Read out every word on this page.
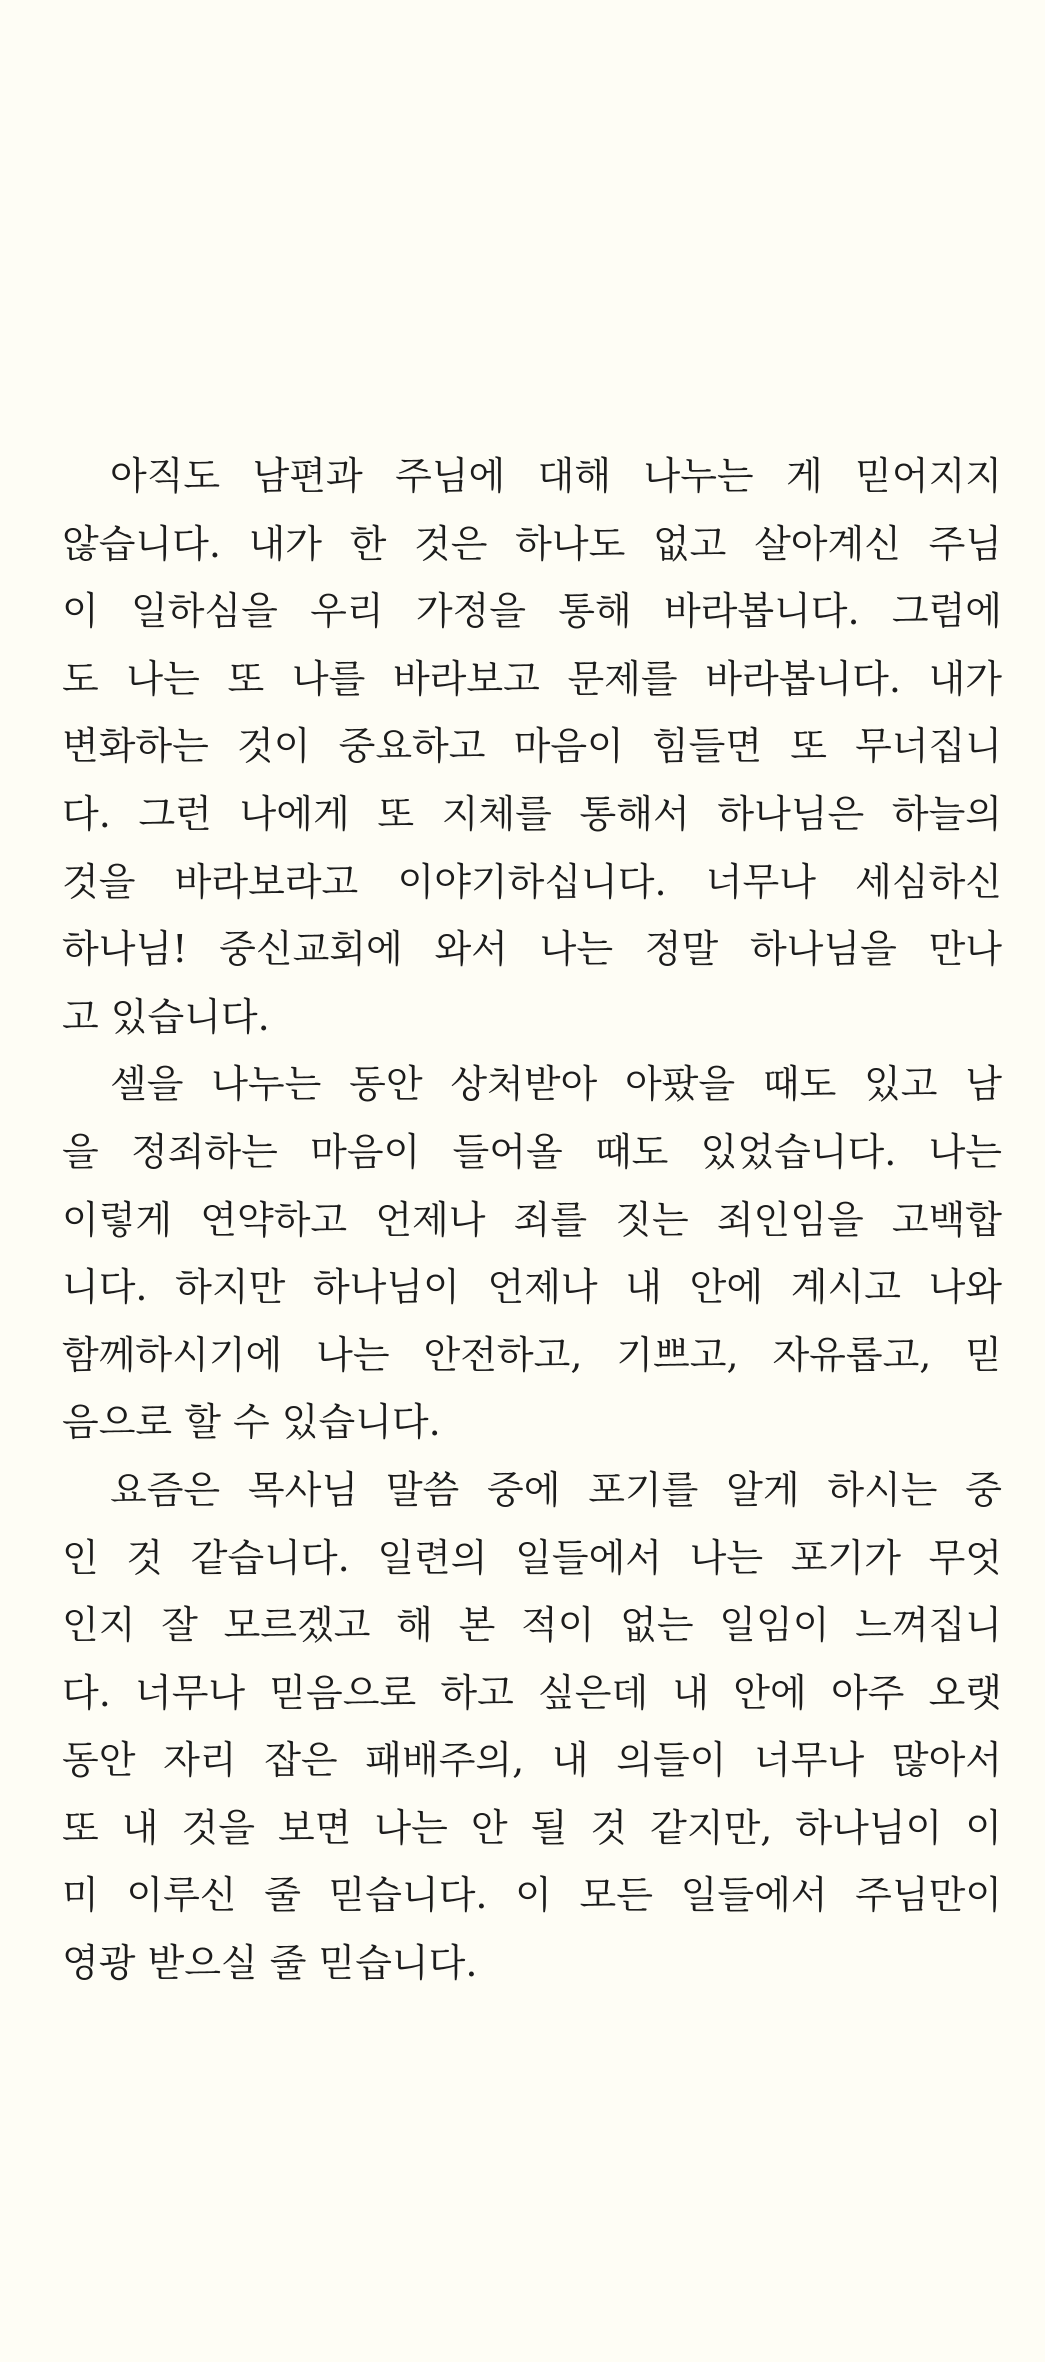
아직도 남편과 주님에 대해 나누는 게 믿어지지
않습니다. 내가 한 것은 하나도 없고 살아계신 주님
이 일하심을 우리 가정을 통해 바라봅니다. 그럼에
도 나는 또 나를 바라보고 문제를 바라봅니다. 내가
변화하는 것이 중요하고 마음이 힘들면 또 무너집니
다. 그런 나에게 또 지체를 통해서 하나님은 하늘의
것을 바라보라고 이야기하십니다. 너무나 세심하신
하나님! 중신교회에 와서 나는 정말 하나님을 만나
고 있습니다.
셀을 나누는 동안 상처받아 아팠을 때도 있고 남
을 정죄하는 마음이 들어올 때도 있었습니다. 나는
이렇게 연약하고 언제나 죄를 짓는 죄인임을 고백합
니다. 하지만 하나님이 언제나 내 안에 계시고 나와
함께하시기에 나는 안전하고, 기쁘고, 자유롭고, 믿
음으로 할 수 있습니다.
요즘은 목사님 말씀 중에 포기를 알게 하시는 중
인 것 같습니다. 일련의 일들에서 나는 포기가 무엇
인지 잘 모르겠고 해 본 적이 없는 일임이 느껴집니
다. 너무나 믿음으로 하고 싶은데 내 안에 아주 오랫
동안 자리 잡은 패배주의, 내 의들이 너무나 많아서
또 내 것을 보면 나는 안 될 것 같지만, 하나님이 이
미 이루신 줄 믿습니다. 이 모든 일들에서 주님만이
영광 받으실 줄 믿습니다.
